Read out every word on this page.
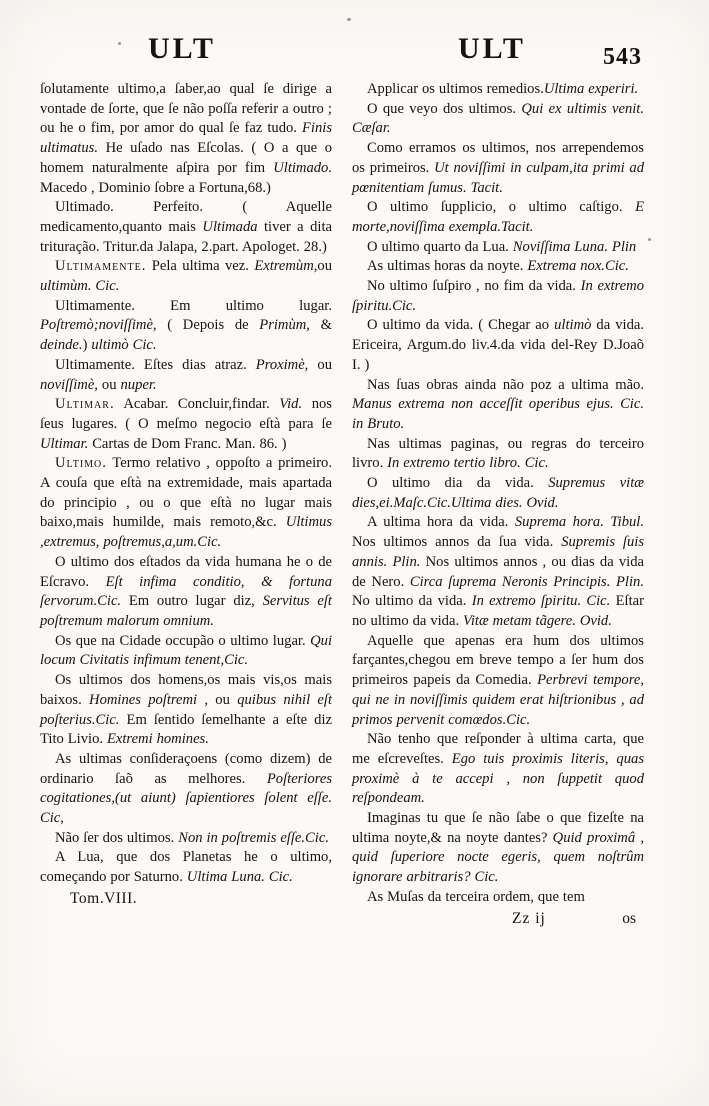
ULT	ULT	543

ſolutamente ultimo,a ſaber,ao qual ſe dirige a vontade de ſorte, que ſe não poſſa referir a outro ; ou he o fim, por amor do qual ſe faz tudo. Finis ultimatus. He uſado nas Eſcolas. ( O a que o homem naturalmente aſpira por fim Ultimado. Macedo , Dominio ſobre a Fortuna,68.)

Ultimado. Perfeito. ( Aquelle medicamento,quanto mais Ultimada tiver a dita trituração. Tritur.da Jalapa, 2.part. Apologet. 28.)

Ultimamente. Pela ultima vez. Extremùm,ou ultimùm. Cic.

Ultimamente. Em ultimo lugar. Poſtremò;noviſſimè, ( Depois de Primùm, & deinde.) ultimò Cic.

Ultimamente. Eſtes dias atraz. Proximè, ou noviſſimè, ou nuper.

Ultimar. Acabar. Concluir,findar. Vid. nos ſeus lugares. ( O meſmo negocio eſtà para ſe Ultimar. Cartas de Dom Franc. Man. 86. )

Ultimo. Termo relativo , oppoſto a primeiro. A couſa que eſtà na extremidade, mais apartada do principio , ou o que eſtà no lugar mais baixo,mais humilde, mais remoto,&c. Ultimus ,extremus, poſtremus,a,um.Cic.

O ultimo dos eſtados da vida humana he o de Eſcravo. Eſt infima conditio, & fortuna ſervorum.Cic. Em outro lugar diz, Servitus eſt poſtremum malorum omnium.

Os que na Cidade occupão o ultimo lugar. Qui locum Civitatis infimum tenent,Cic.

Os ultimos dos homens,os mais vis,os mais baixos. Homines poſtremi , ou quibus nihil eſt poſterius.Cic. Em ſentido ſemelhante a eſte diz Tito Livio. Extremi homines.

As ultimas conſideraçoens (como dizem) de ordinario ſaõ as melhores. Poſteriores cogitationes,(ut aiunt) ſapientiores ſolent eſſe. Cic,

Não ſer dos ultimos. Non in poſtremis eſſe.Cic.

A Lua, que dos Planetas he o ultimo, começando por Saturno. Ultima Luna. Cic.

Tom.VIII.

Applicar os ultimos remedios.Ultima experiri.

O que veyo dos ultimos. Qui ex ultimis venit. Cæſar.

Como erramos os ultimos, nos arrependemos os primeiros. Ut noviſſimi in culpam,ita primi ad pœnitentiam ſumus. Tacit.

O ultimo ſupplicio, o ultimo caſtigo. E morte,noviſſima exempla.Tacit.

O ultimo quarto da Lua. Noviſſima Luna. Plin

As ultimas horas da noyte. Extrema nox.Cic.

No ultimo ſuſpiro , no fim da vida. In extremo ſpiritu.Cic.

O ultimo da vida. ( Chegar ao ultimò da vida. Ericeira, Argum.do liv.4.da vida del-Rey D.Joaõ I. )

Nas ſuas obras ainda não poz a ultima mão. Manus extrema non acceſſit operibus ejus. Cic. in Bruto.

Nas ultimas paginas, ou regras do terceiro livro. In extremo tertio libro. Cic.

O ultimo dia da vida. Supremus vitæ dies,ei.Maſc.Cic.Ultima dies. Ovid.

A ultima hora da vida. Suprema hora. Tibul. Nos ultimos annos da ſua vida. Supremis ſuis annis. Plin. Nos ultimos annos , ou dias da vida de Nero. Circa ſuprema Neronis Principis. Plin. No ultimo da vida. In extremo ſpiritu. Cic. Eſtar no ultimo da vida. Vitæ metam tãgere. Ovid.

Aquelle que apenas era hum dos ultimos farçantes,chegou em breve tempo a ſer hum dos primeiros papeis da Comedia. Perbrevi tempore, qui ne in noviſſimis quidem erat hiſtrionibus , ad primos pervenit comœdos.Cic.

Não tenho que reſponder à ultima carta, que me eſcreveſtes. Ego tuis proximis literis, quas proximè à te accepi , non ſuppetit quod reſpondeam.

Imaginas tu que ſe não ſabe o que fizeſte na ultima noyte,& na noyte dantes? Quid proximâ , quid ſuperiore nocte egeris, quem noſtrûm ignorare arbitraris? Cic.

As Muſas da terceira ordem, que tem

Zz ij	os
